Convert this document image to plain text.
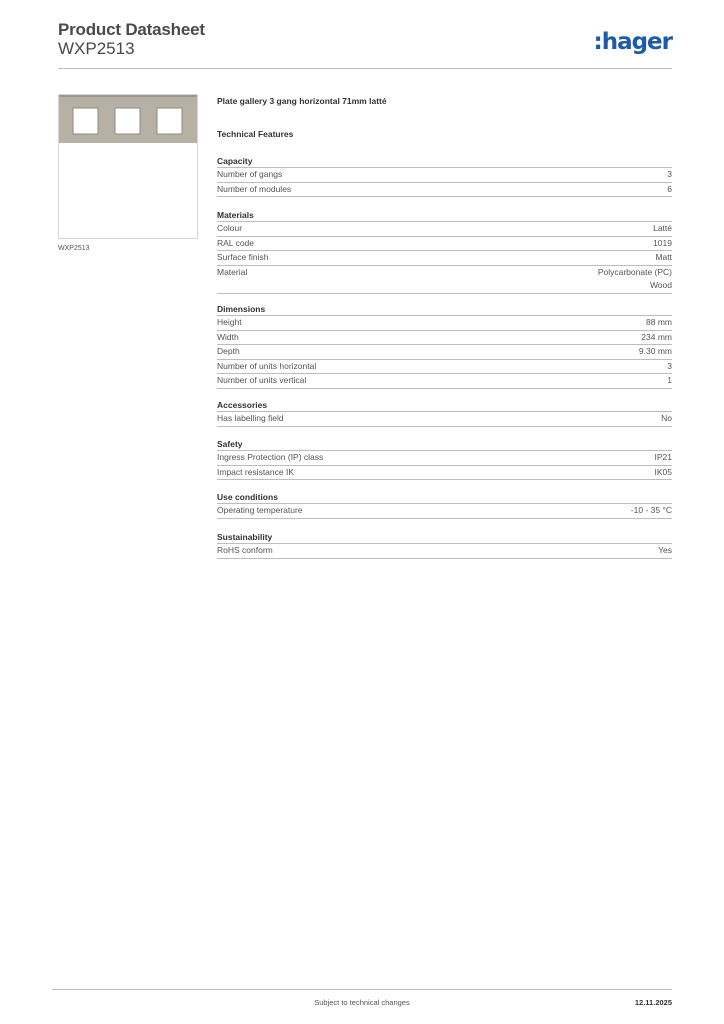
Product Datasheet
WXP2513	:hager
WXP2513
Plate gallery 3 gang horizontal 71mm latté
Technical Features
Capacity
Number of gangs	3
Number of modules	6
Materials
Colour	Latté
RAL code	1019
Surface finish	Matt
Material	Polycarbonate (PC)
Wood
Dimensions
Height	88 mm
Width	234 mm
Depth	9.30 mm
Number of units horizontal	3
Number of units vertical	1
Accessories
Has labelling field	No
Safety
Ingress Protection (IP) class	IP21
Impact resistance IK	IK05
Use conditions
Operating temperature	-10 - 35 °C
Sustainability
RoHS conform	Yes
Subject to technical changes	12.11.2025
